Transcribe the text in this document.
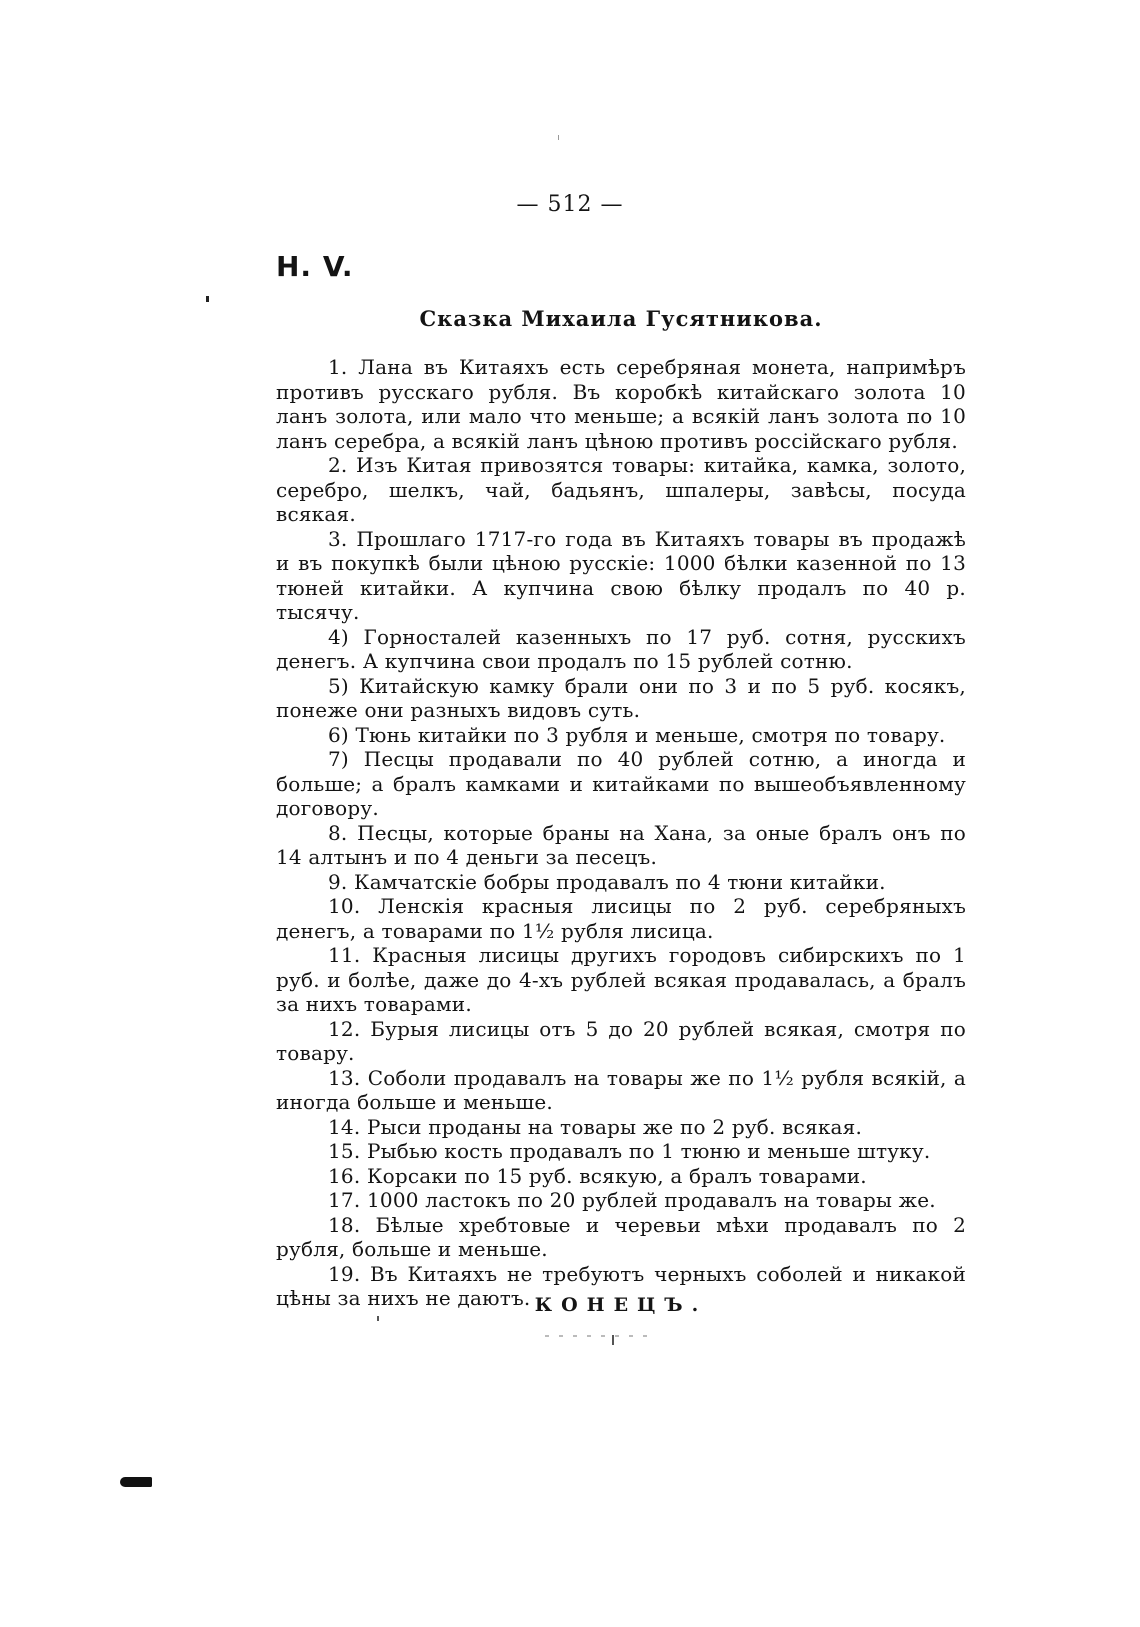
— 512 —
Н. V.
Сказка Михаила Гусятникова.

1. Лана въ Китаяхъ есть серебряная монета, напримѣръ противъ русскаго рубля. Въ коробкѣ китайскаго золота 10 ланъ золота, или мало что меньше; а всякій ланъ золота по 10 ланъ серебра, а всякій ланъ цѣною противъ россійскаго рубля.

2. Изъ Китая привозятся товары: китайка, камка, золото, серебро, шелкъ, чай, бадьянъ, шпалеры, завѣсы, посуда всякая.

3. Прошлаго 1717-го года въ Китаяхъ товары въ продажѣ и въ покупкѣ были цѣною русскіе: 1000 бѣлки казенной по 13 тюней китайки. А купчина свою бѣлку продалъ по 40 р. тысячу.

4) Горносталей казенныхъ по 17 руб. сотня, русскихъ денегъ. А купчина свои продалъ по 15 рублей сотню.

5) Китайскую камку брали они по 3 и по 5 руб. косякъ, понеже они разныхъ видовъ суть.

6) Тюнь китайки по 3 рубля и меньше, смотря по товару.

7) Песцы продавали по 40 рублей сотню, а иногда и больше; а бралъ камками и китайками по вышеобъявленному договору.

8. Песцы, которые браны на Хана, за оные бралъ онъ по 14 алтынъ и по 4 деньги за песецъ.

9. Камчатскіе бобры продавалъ по 4 тюни китайки.

10. Ленскія красныя лисицы по 2 руб. серебряныхъ денегъ, а товарами по 1½ рубля лисица.

11. Красныя лисицы другихъ городовъ сибирскихъ по 1 руб. и болѣе, даже до 4-хъ рублей всякая продавалась, а бралъ за нихъ товарами.

12. Бурыя лисицы отъ 5 до 20 рублей всякая, смотря по товару.

13. Соболи продавалъ на товары же по 1½ рубля всякій, а иногда больше и меньше.

14. Рыси проданы на товары же по 2 руб. всякая.

15. Рыбью кость продавалъ по 1 тюню и меньше штуку.

16. Корсаки по 15 руб. всякую, а бралъ товарами.

17. 1000 ластокъ по 20 рублей продавалъ на товары же.

18. Бѣлые хребтовые и черевьи мѣхи продавалъ по 2 рубля, больше и меньше.

19. Въ Китаяхъ не требуютъ черныхъ соболей и никакой цѣны за нихъ не даютъ. КОНЕЦЪ.
